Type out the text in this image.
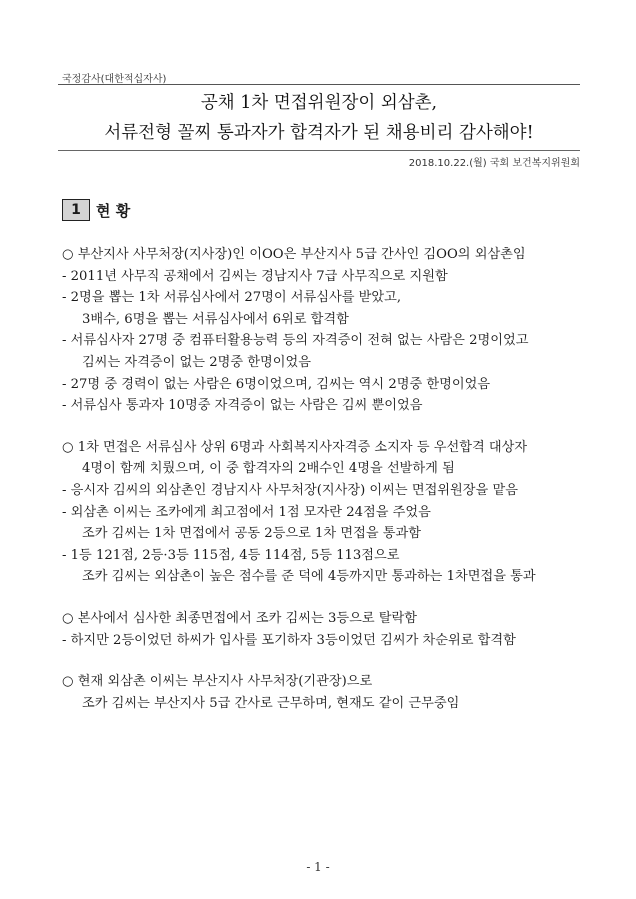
국정감사(대한적십자사)
공채 1차 면접위원장이 외삼촌,
서류전형 꼴찌 통과자가 합격자가 된 채용비리 감사해야!
2018.10.22.(월) 국회 보건복지위원회
1	현 황
○ 부산지사 사무처장(지사장)인 이OO은 부산지사 5급 간사인 김OO의 외삼촌임
- 2011년 사무직 공채에서 김씨는 경남지사 7급 사무직으로 지원함
- 2명을 뽑는 1차 서류심사에서 27명이 서류심사를 받았고,
3배수, 6명을 뽑는 서류심사에서 6위로 합격함
- 서류심사자 27명 중 컴퓨터활용능력 등의 자격증이 전혀 없는 사람은 2명이었고
김씨는 자격증이 없는 2명중 한명이었음
- 27명 중 경력이 없는 사람은 6명이었으며, 김씨는 역시 2명중 한명이었음
- 서류심사 통과자 10명중 자격증이 없는 사람은 김씨 뿐이었음
○ 1차 면접은 서류심사 상위 6명과 사회복지사자격증 소지자 등 우선합격 대상자
4명이 함께 치뤘으며, 이 중 합격자의 2배수인 4명을 선발하게 됨
- 응시자 김씨의 외삼촌인 경남지사 사무처장(지사장) 이씨는 면접위원장을 맡음
- 외삼촌 이씨는 조카에게 최고점에서 1점 모자란 24점을 주었음
조카 김씨는 1차 면접에서 공동 2등으로 1차 면접을 통과함
- 1등 121점, 2등·3등 115점, 4등 114점, 5등 113점으로
조카 김씨는 외삼촌이 높은 점수를 준 덕에 4등까지만 통과하는 1차면접을 통과
○ 본사에서 심사한 최종면접에서 조카 김씨는 3등으로 탈락함
- 하지만 2등이었던 하씨가 입사를 포기하자 3등이었던 김씨가 차순위로 합격함
○ 현재 외삼촌 이씨는 부산지사 사무처장(기관장)으로
조카 김씨는 부산지사 5급 간사로 근무하며, 현재도 같이 근무중임
- 1 -
